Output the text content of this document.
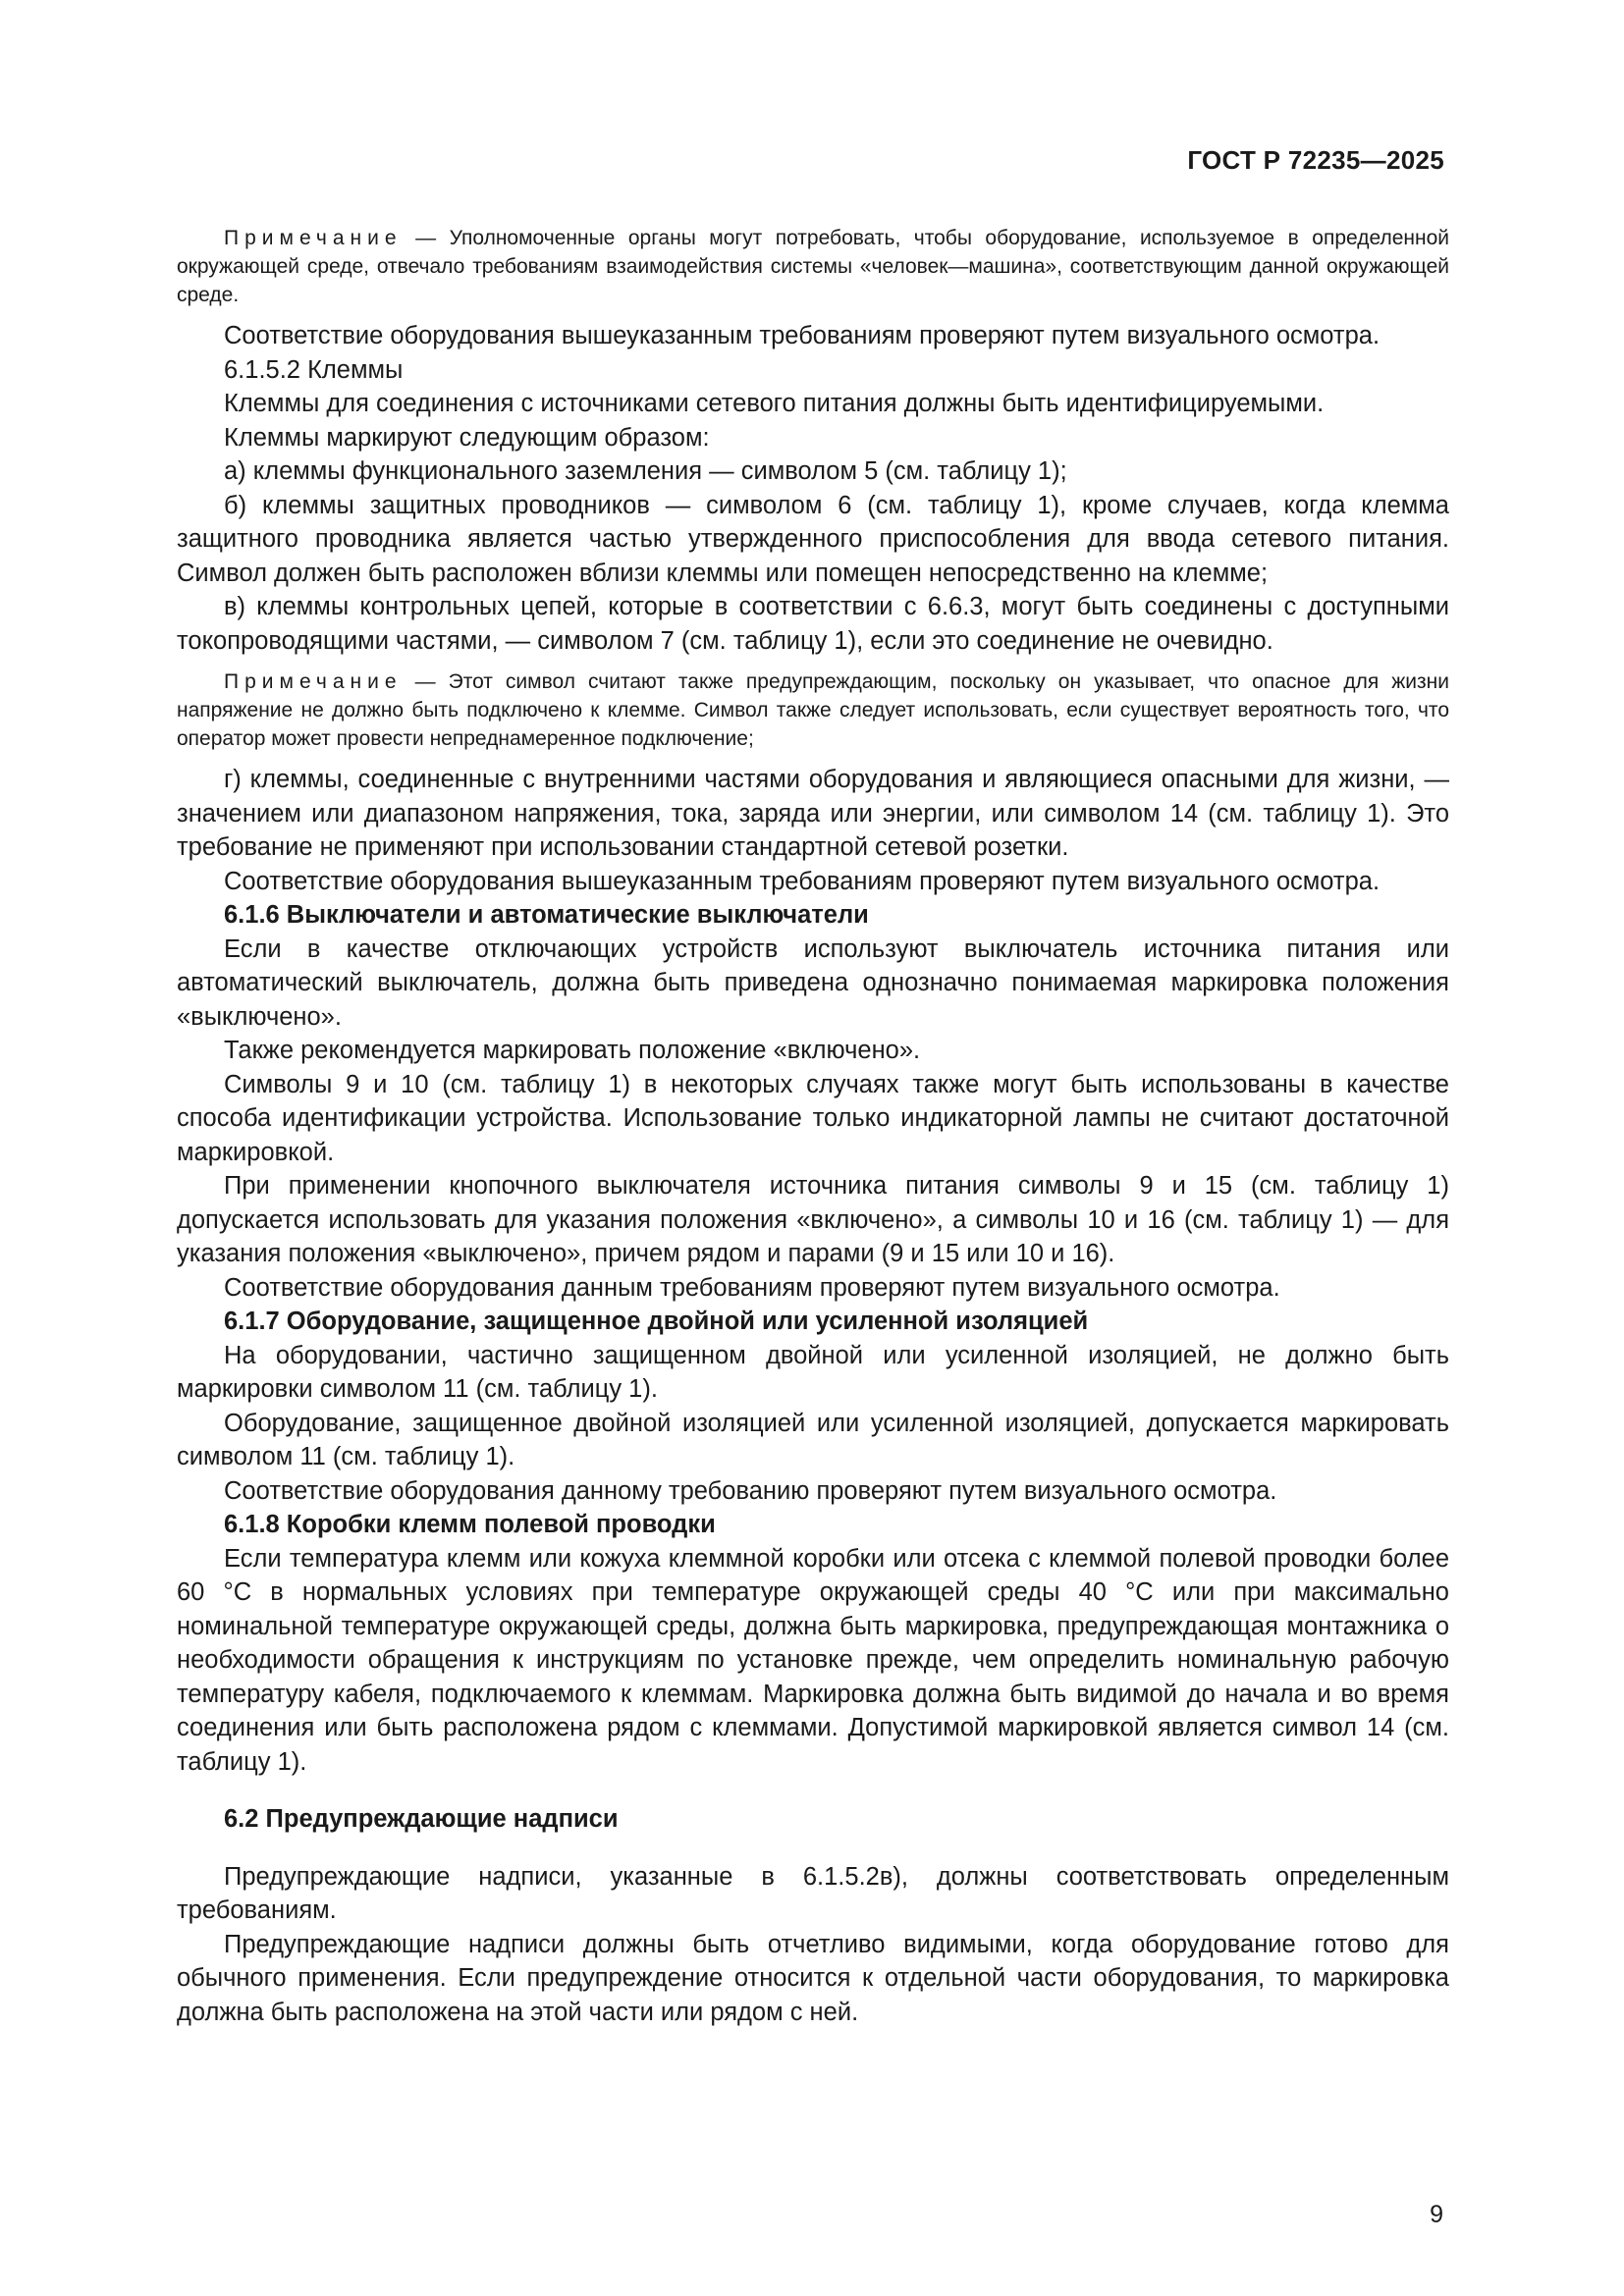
ГОСТ Р 72235—2025

Примечание — Уполномоченные органы могут потребовать, чтобы оборудование, используемое в определенной окружающей среде, отвечало требованиям взаимодействия системы «человек—машина», соответствующим данной окружающей среде.

Соответствие оборудования вышеуказанным требованиям проверяют путем визуального осмотра.

6.1.5.2 Клеммы

Клеммы для соединения с источниками сетевого питания должны быть идентифицируемыми.

Клеммы маркируют следующим образом:

а) клеммы функционального заземления — символом 5 (см. таблицу 1);

б) клеммы защитных проводников — символом 6 (см. таблицу 1), кроме случаев, когда клемма защитного проводника является частью утвержденного приспособления для ввода сетевого питания. Символ должен быть расположен вблизи клеммы или помещен непосредственно на клемме;

в) клеммы контрольных цепей, которые в соответствии с 6.6.3, могут быть соединены с доступными токопроводящими частями, — символом 7 (см. таблицу 1), если это соединение не очевидно.

Примечание — Этот символ считают также предупреждающим, поскольку он указывает, что опасное для жизни напряжение не должно быть подключено к клемме. Символ также следует использовать, если существует вероятность того, что оператор может провести непреднамеренное подключение;

г) клеммы, соединенные с внутренними частями оборудования и являющиеся опасными для жизни, — значением или диапазоном напряжения, тока, заряда или энергии, или символом 14 (см. таблицу 1). Это требование не применяют при использовании стандартной сетевой розетки.

Соответствие оборудования вышеуказанным требованиям проверяют путем визуального осмотра.

6.1.6 Выключатели и автоматические выключатели

Если в качестве отключающих устройств используют выключатель источника питания или автоматический выключатель, должна быть приведена однозначно понимаемая маркировка положения «выключено».

Также рекомендуется маркировать положение «включено».

Символы 9 и 10 (см. таблицу 1) в некоторых случаях также могут быть использованы в качестве способа идентификации устройства. Использование только индикаторной лампы не считают достаточной маркировкой.

При применении кнопочного выключателя источника питания символы 9 и 15 (см. таблицу 1) допускается использовать для указания положения «включено», а символы 10 и 16 (см. таблицу 1) — для указания положения «выключено», причем рядом и парами (9 и 15 или 10 и 16).

Соответствие оборудования данным требованиям проверяют путем визуального осмотра.

6.1.7 Оборудование, защищенное двойной или усиленной изоляцией

На оборудовании, частично защищенном двойной или усиленной изоляцией, не должно быть маркировки символом 11 (см. таблицу 1).

Оборудование, защищенное двойной изоляцией или усиленной изоляцией, допускается маркировать символом 11 (см. таблицу 1).

Соответствие оборудования данному требованию проверяют путем визуального осмотра.

6.1.8 Коробки клемм полевой проводки

Если температура клемм или кожуха клеммной коробки или отсека с клеммой полевой проводки более 60 °С в нормальных условиях при температуре окружающей среды 40 °С или при максимально номинальной температуре окружающей среды, должна быть маркировка, предупреждающая монтажника о необходимости обращения к инструкциям по установке прежде, чем определить номинальную рабочую температуру кабеля, подключаемого к клеммам. Маркировка должна быть видимой до начала и во время соединения или быть расположена рядом с клеммами. Допустимой маркировкой является символ 14 (см. таблицу 1).

6.2 Предупреждающие надписи

Предупреждающие надписи, указанные в 6.1.5.2в), должны соответствовать определенным требованиям.

Предупреждающие надписи должны быть отчетливо видимыми, когда оборудование готово для обычного применения. Если предупреждение относится к отдельной части оборудования, то маркировка должна быть расположена на этой части или рядом с ней.

9
